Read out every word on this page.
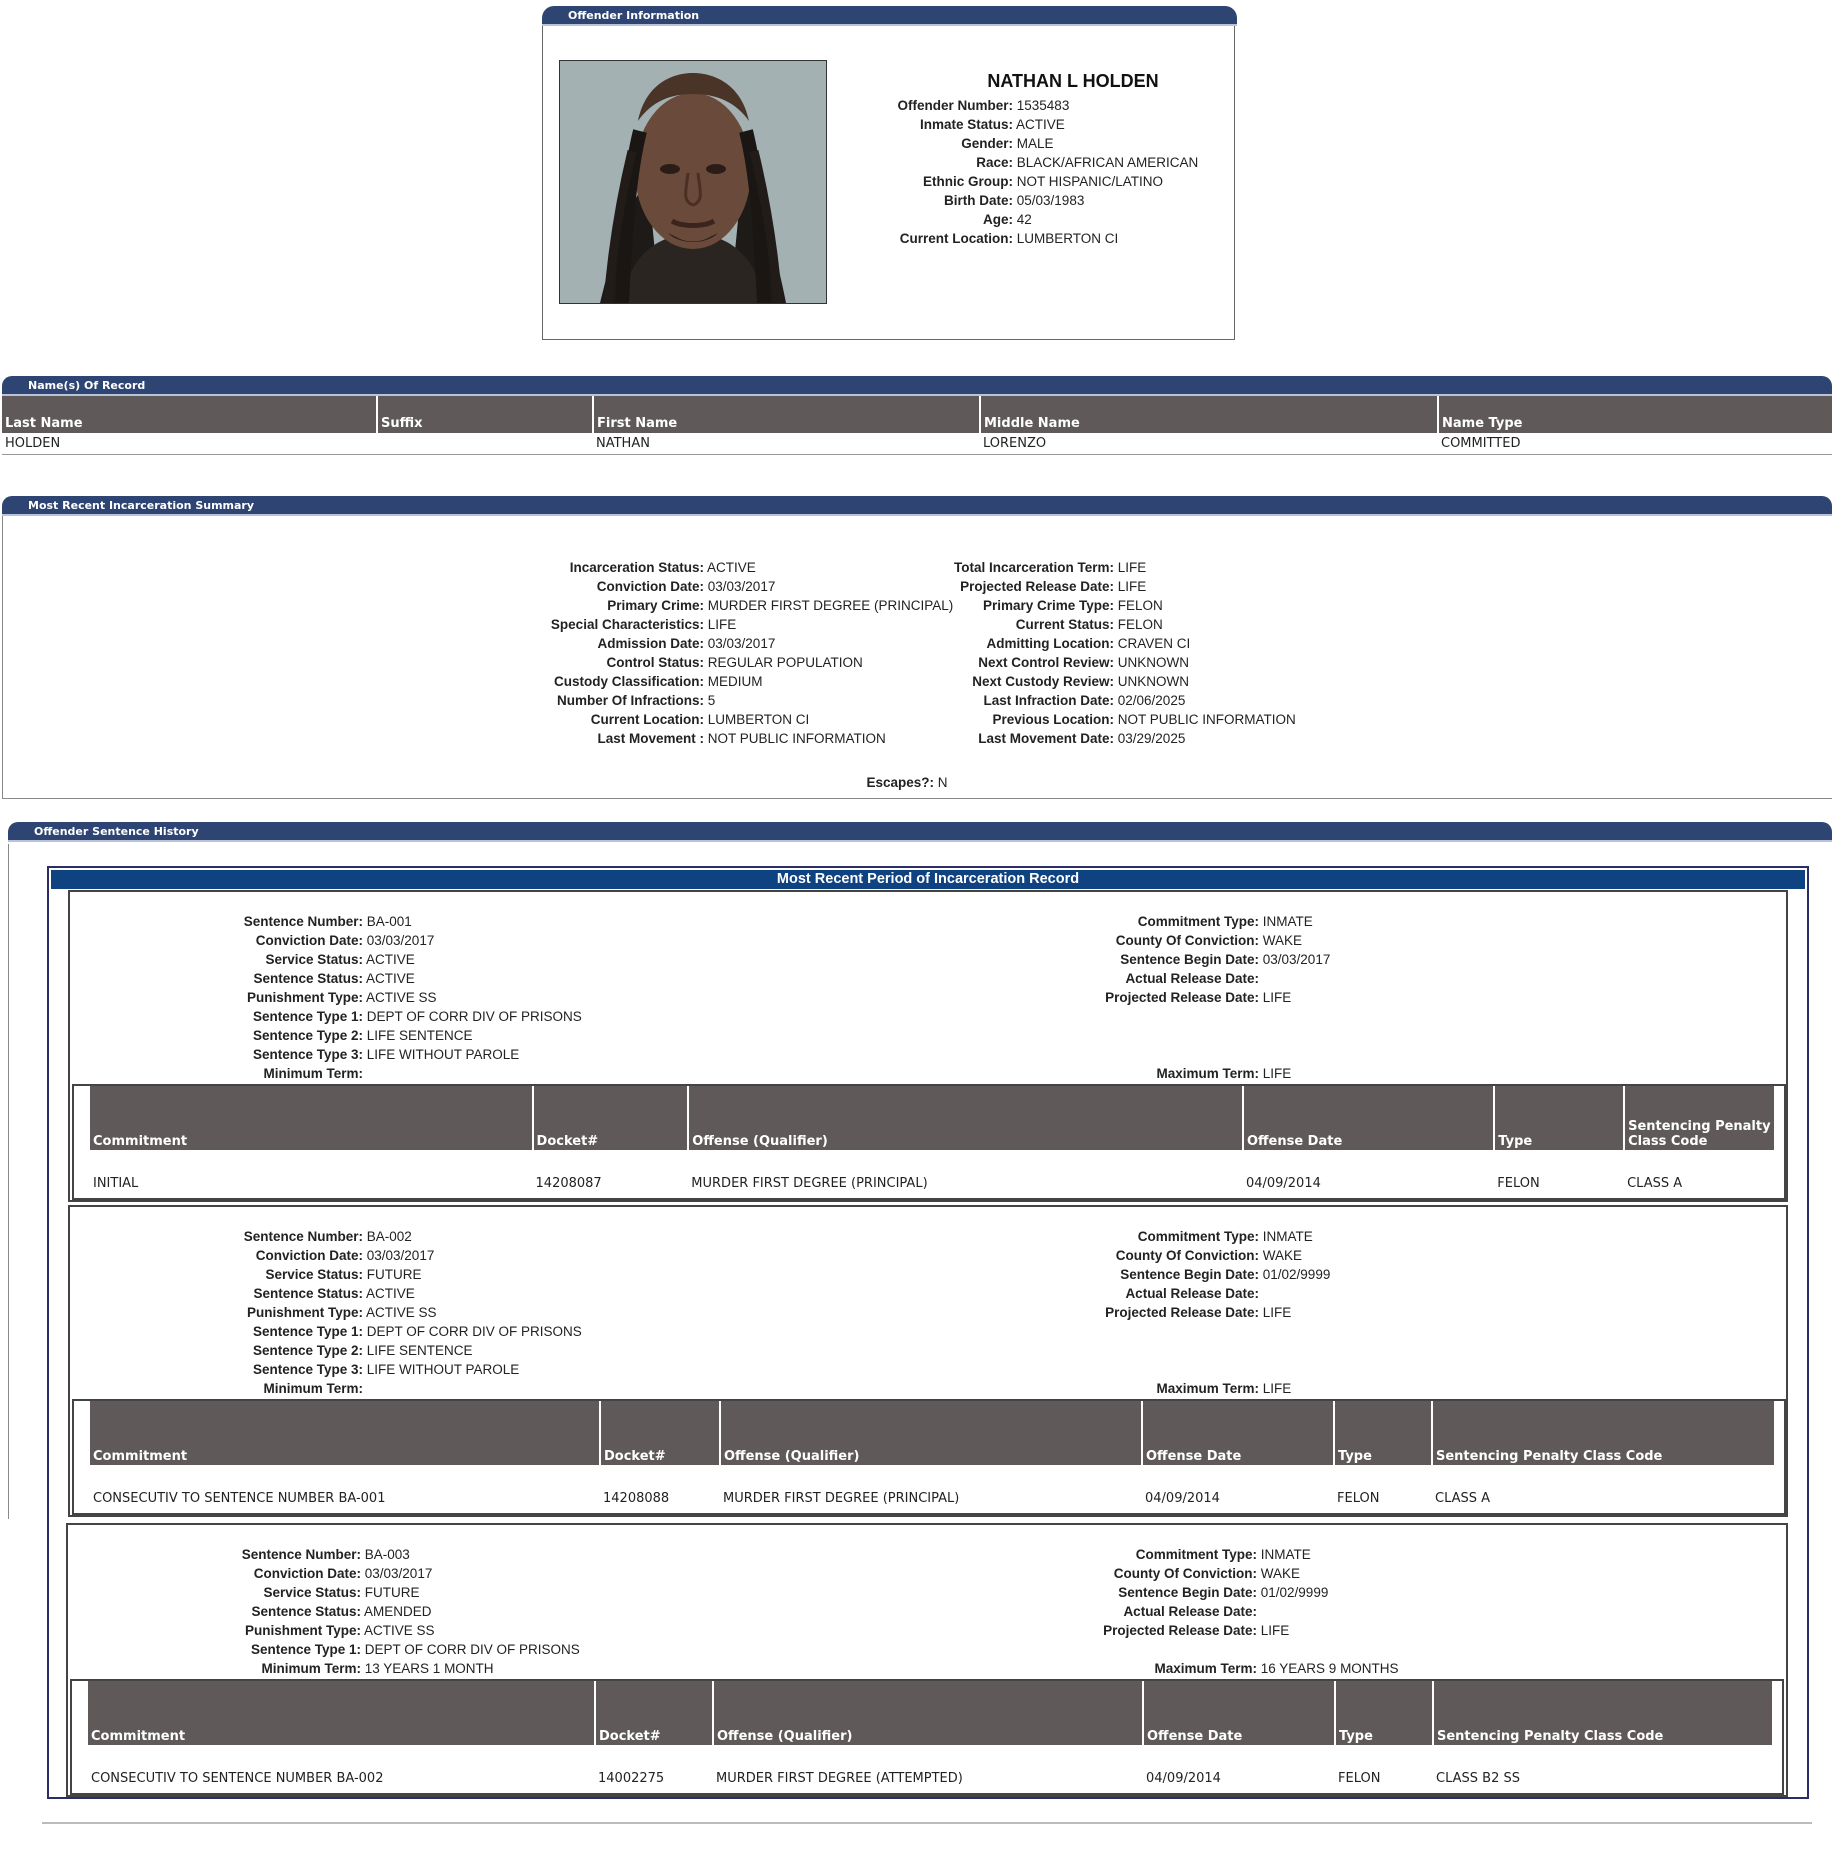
Offender Information
NATHAN L HOLDEN
Offender Number: 1535483
Inmate Status: ACTIVE
Gender: MALE
Race: BLACK/AFRICAN AMERICAN
Ethnic Group: NOT HISPANIC/LATINO
Birth Date: 05/03/1983
Age: 42
Current Location: LUMBERTON CI
Name(s) Of Record
Last Name	Suffix	First Name	Middle Name	Name Type
HOLDEN		NATHAN	LORENZO	COMMITTED
Most Recent Incarceration Summary
Incarceration Status: ACTIVE
Conviction Date: 03/03/2017
Primary Crime: MURDER FIRST DEGREE (PRINCIPAL)
Special Characteristics: LIFE
Admission Date: 03/03/2017
Control Status: REGULAR POPULATION
Custody Classification: MEDIUM
Number Of Infractions: 5
Current Location: LUMBERTON CI
Last Movement : NOT PUBLIC INFORMATION
Total Incarceration Term: LIFE
Projected Release Date: LIFE
Primary Crime Type: FELON
Current Status: FELON
Admitting Location: CRAVEN CI
Next Control Review: UNKNOWN
Next Custody Review: UNKNOWN
Last Infraction Date: 02/06/2025
Previous Location: NOT PUBLIC INFORMATION
Last Movement Date: 03/29/2025
Escapes?: N
Offender Sentence History
Most Recent Period of Incarceration Record
Sentence Number: BA-001
Conviction Date: 03/03/2017
Service Status: ACTIVE
Sentence Status: ACTIVE
Punishment Type: ACTIVE SS
Sentence Type 1: DEPT OF CORR DIV OF PRISONS
Sentence Type 2: LIFE SENTENCE
Sentence Type 3: LIFE WITHOUT PAROLE
Commitment Type: INMATE
County Of Conviction: WAKE
Sentence Begin Date: 03/03/2017
Actual Release Date:
Projected Release Date: LIFE
Minimum Term:	Maximum Term: LIFE
Commitment	Docket#	Offense (Qualifier)	Offense Date	Type	Sentencing Penalty Class Code
INITIAL	14208087	MURDER FIRST DEGREE (PRINCIPAL)	04/09/2014	FELON	CLASS A
Sentence Number: BA-002
Conviction Date: 03/03/2017
Service Status: FUTURE
Sentence Status: ACTIVE
Punishment Type: ACTIVE SS
Sentence Type 1: DEPT OF CORR DIV OF PRISONS
Sentence Type 2: LIFE SENTENCE
Sentence Type 3: LIFE WITHOUT PAROLE
Commitment Type: INMATE
County Of Conviction: WAKE
Sentence Begin Date: 01/02/9999
Actual Release Date:
Projected Release Date: LIFE
Minimum Term:	Maximum Term: LIFE
Commitment	Docket#	Offense (Qualifier)	Offense Date	Type	Sentencing Penalty Class Code
CONSECUTIV TO SENTENCE NUMBER BA-001	14208088	MURDER FIRST DEGREE (PRINCIPAL)	04/09/2014	FELON	CLASS A
Sentence Number: BA-003
Conviction Date: 03/03/2017
Service Status: FUTURE
Sentence Status: AMENDED
Punishment Type: ACTIVE SS
Sentence Type 1: DEPT OF CORR DIV OF PRISONS
Commitment Type: INMATE
County Of Conviction: WAKE
Sentence Begin Date: 01/02/9999
Actual Release Date:
Projected Release Date: LIFE
Minimum Term: 13 YEARS 1 MONTH	Maximum Term: 16 YEARS 9 MONTHS
Commitment	Docket#	Offense (Qualifier)	Offense Date	Type	Sentencing Penalty Class Code
CONSECUTIV TO SENTENCE NUMBER BA-002	14002275	MURDER FIRST DEGREE (ATTEMPTED)	04/09/2014	FELON	CLASS B2 SS
